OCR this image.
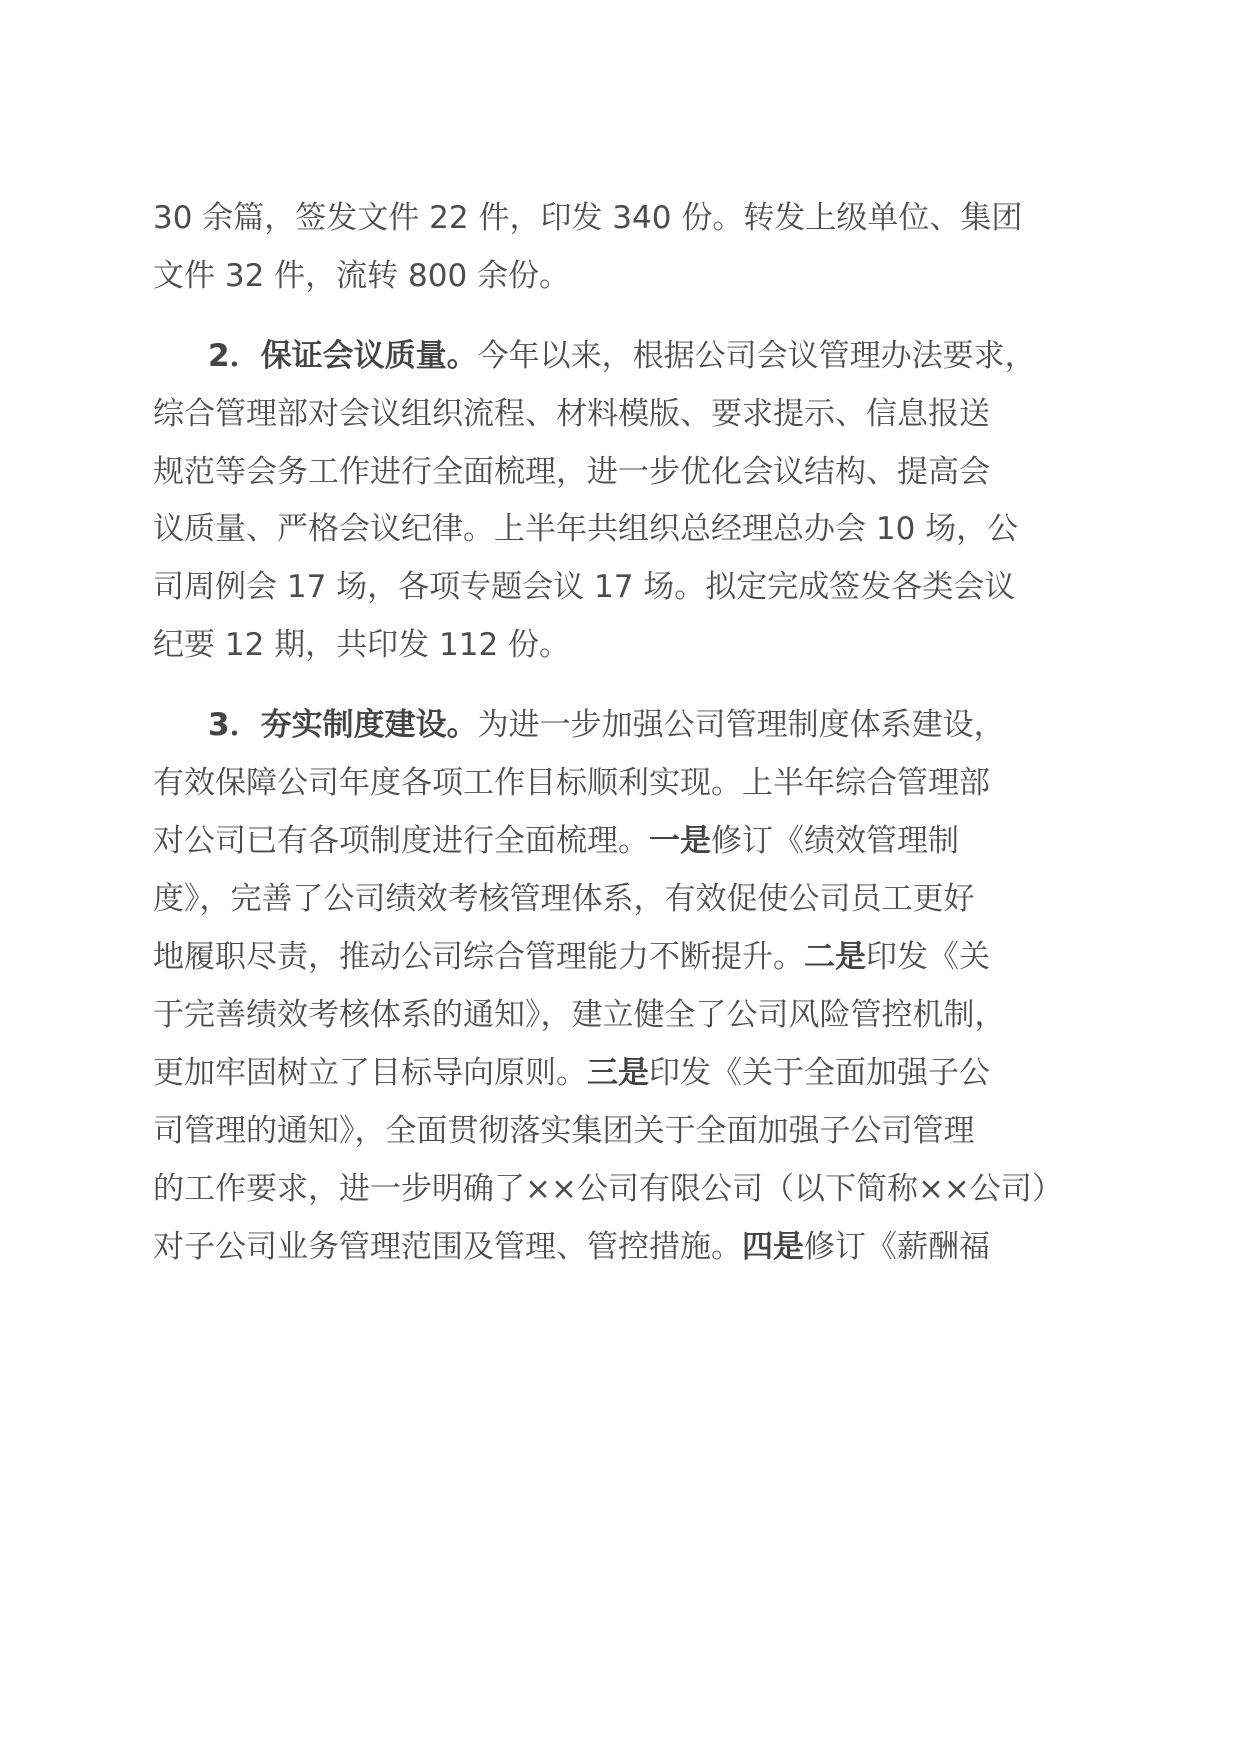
30 余篇，签发文件 22 件，印发 340 份。转发上级单位、集团
文件 32 件，流转 800 余份。
2．保证会议质量。今年以来，根据公司会议管理办法要求，
综合管理部对会议组织流程、材料模版、要求提示、信息报送
规范等会务工作进行全面梳理，进一步优化会议结构、提高会
议质量、严格会议纪律。上半年共组织总经理总办会 10 场，公
司周例会 17 场，各项专题会议 17 场。拟定完成签发各类会议
纪要 12 期，共印发 112 份。
3．夯实制度建设。为进一步加强公司管理制度体系建设，
有效保障公司年度各项工作目标顺利实现。上半年综合管理部
对公司已有各项制度进行全面梳理。一是修订《绩效管理制
度》，完善了公司绩效考核管理体系，有效促使公司员工更好
地履职尽责，推动公司综合管理能力不断提升。二是印发《关
于完善绩效考核体系的通知》，建立健全了公司风险管控机制，
更加牢固树立了目标导向原则。三是印发《关于全面加强子公
司管理的通知》，全面贯彻落实集团关于全面加强子公司管理
的工作要求，进一步明确了××公司有限公司（以下简称××公司）
对子公司业务管理范围及管理、管控措施。四是修订《薪酬福
